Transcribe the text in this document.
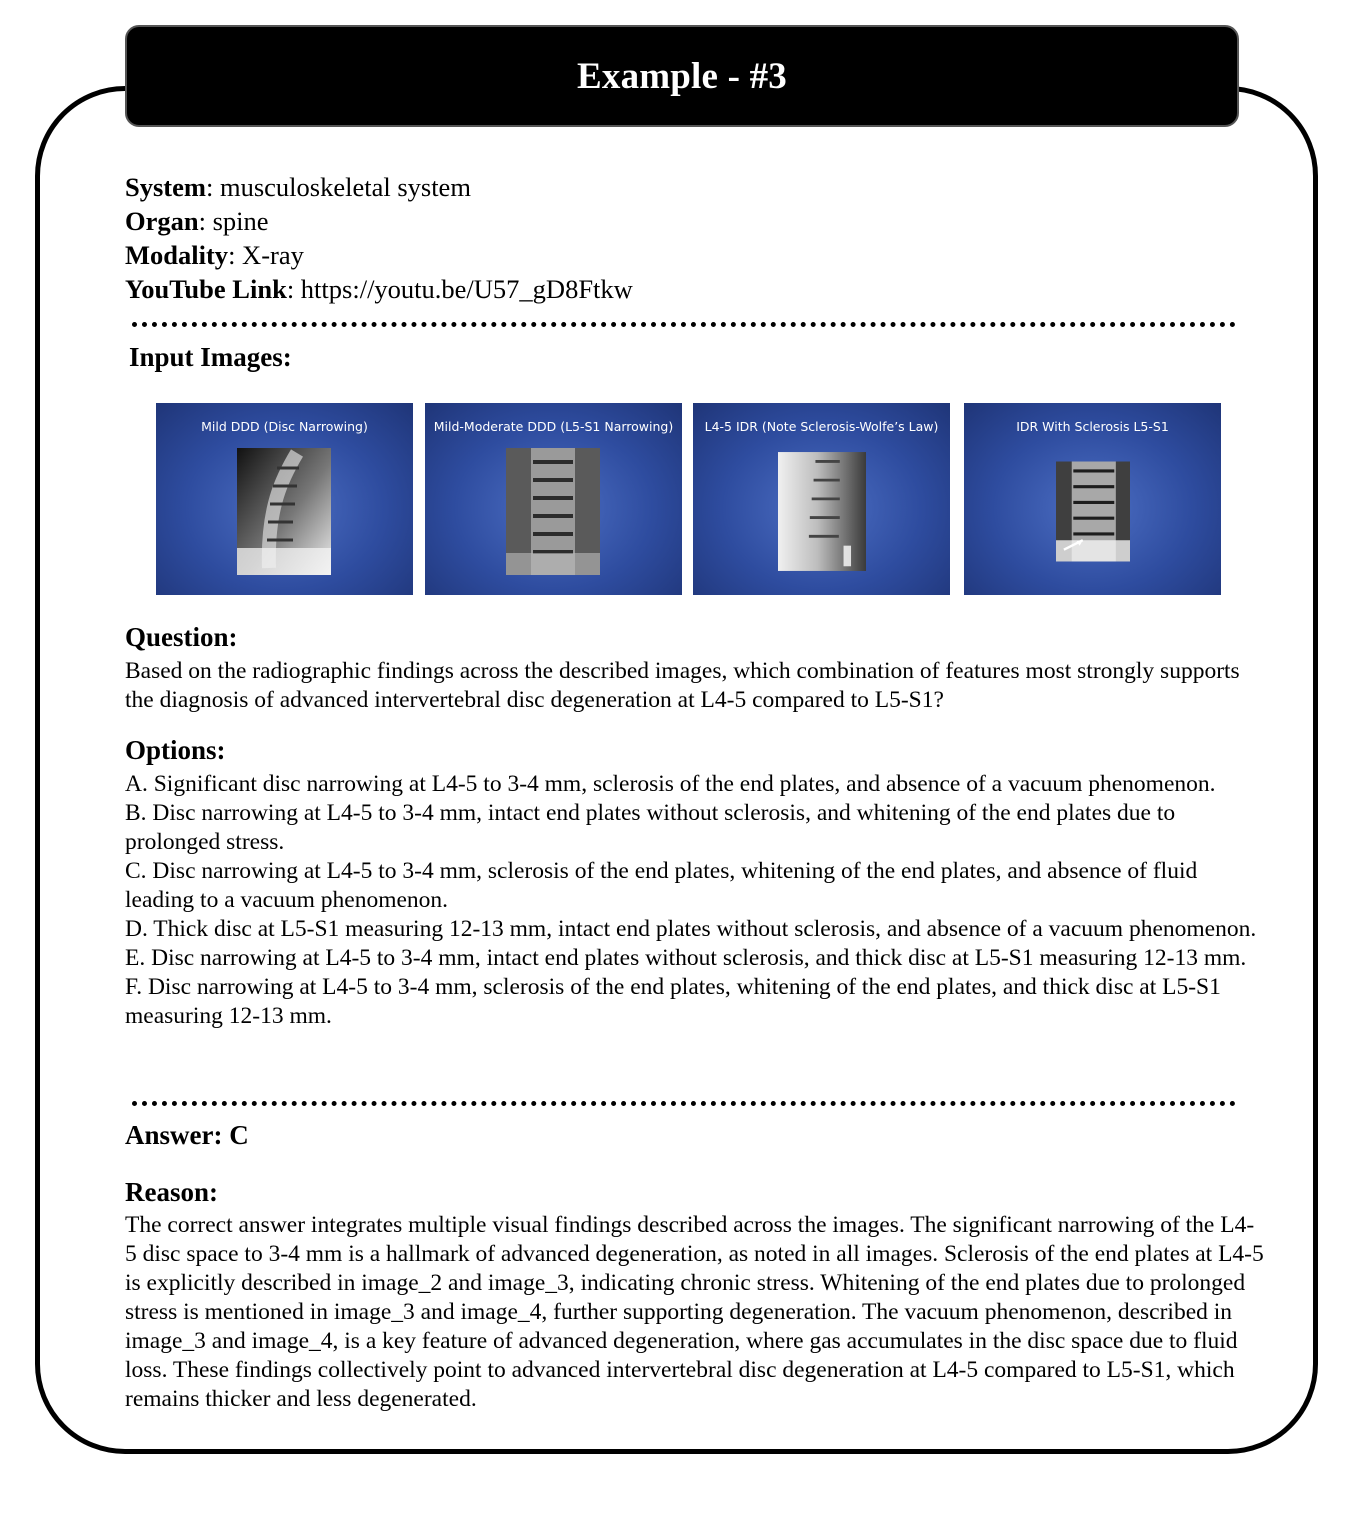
Example - #3
System: musculoskeletal system
Organ: spine
Modality: X-ray
YouTube Link: https://youtu.be/U57_gD8Ftkw
Input Images:
Mild DDD (Disc Narrowing)	Mild-Moderate DDD (L5-S1 Narrowing)	L4-5 IDR (Note Sclerosis-Wolfe’s Law)	IDR With Sclerosis L5-S1
Question:
Based on the radiographic findings across the described images, which combination of features most strongly supports the diagnosis of advanced intervertebral disc degeneration at L4-5 compared to L5-S1?
Options:

A. Significant disc narrowing at L4-5 to 3-4 mm, sclerosis of the end plates, and absence of a vacuum phenomenon.

B. Disc narrowing at L4-5 to 3-4 mm, intact end plates without sclerosis, and whitening of the end plates due to prolonged stress.

C. Disc narrowing at L4-5 to 3-4 mm, sclerosis of the end plates, whitening of the end plates, and absence of fluid leading to a vacuum phenomenon.

D. Thick disc at L5-S1 measuring 12-13 mm, intact end plates without sclerosis, and absence of a vacuum phenomenon.

E. Disc narrowing at L4-5 to 3-4 mm, intact end plates without sclerosis, and thick disc at L5-S1 measuring 12-13 mm.

F. Disc narrowing at L4-5 to 3-4 mm, sclerosis of the end plates, whitening of the end plates, and thick disc at L5-S1 measuring 12-13 mm.

Answer: C
Reason:
The correct answer integrates multiple visual findings described across the images. The significant narrowing of the L4-5 disc space to 3-4 mm is a hallmark of advanced degeneration, as noted in all images. Sclerosis of the end plates at L4-5 is explicitly described in image_2 and image_3, indicating chronic stress. Whitening of the end plates due to prolonged stress is mentioned in image_3 and image_4, further supporting degeneration. The vacuum phenomenon, described in image_3 and image_4, is a key feature of advanced degeneration, where gas accumulates in the disc space due to fluid loss. These findings collectively point to advanced intervertebral disc degeneration at L4-5 compared to L5-S1, which remains thicker and less degenerated.
